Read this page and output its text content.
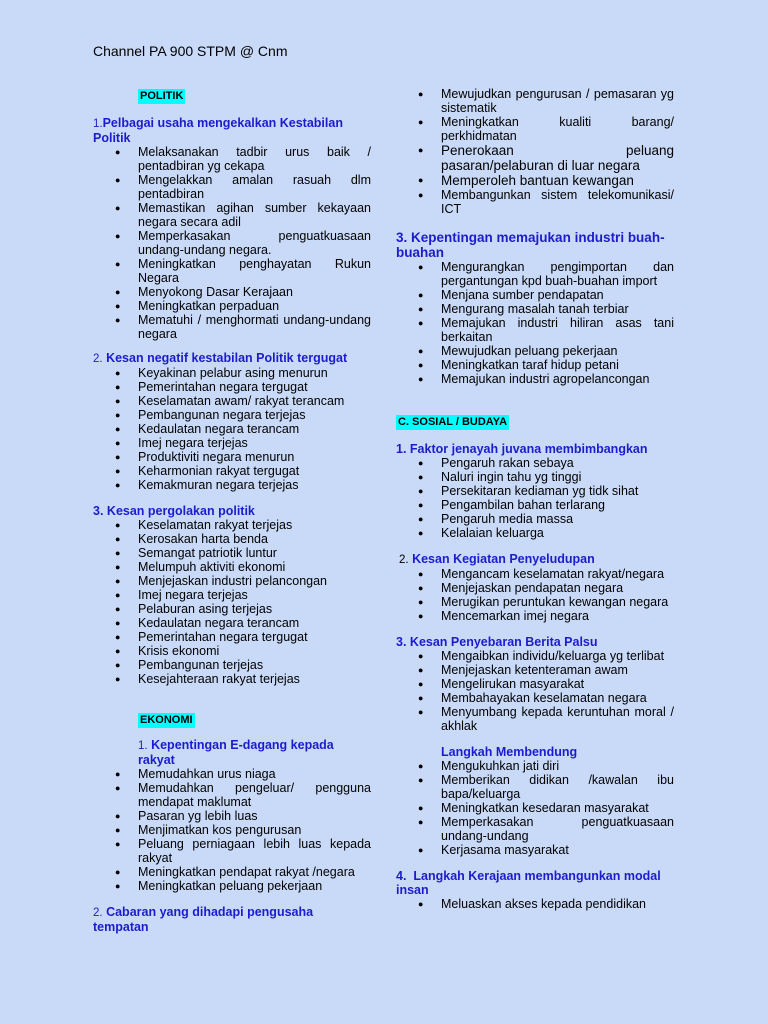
Channel PA 900 STPM @ Cnm
POLITIK
1.Pelbagai usaha mengekalkan Kestabilan Politik
● Melaksanakan tadbir urus baik / pentadbiran yg cekapa
● Mengelakkan amalan rasuah dlm pentadbiran
● Memastikan agihan sumber kekayaan negara secara adil
● Memperkasakan penguatkuasaan undang-undang negara.
● Meningkatkan penghayatan Rukun Negara
● Menyokong Dasar Kerajaan
● Meningkatkan perpaduan
● Mematuhi / menghormati undang-undang negara
2. Kesan negatif kestabilan Politik tergugat
● Keyakinan pelabur asing menurun
● Pemerintahan negara tergugat
● Keselamatan awam/ rakyat terancam
● Pembangunan negara terjejas
● Kedaulatan negara terancam
● Imej negara terjejas
● Produktiviti negara menurun
● Keharmonian rakyat tergugat
● Kemakmuran negara terjejas
3. Kesan pergolakan politik
● Keselamatan rakyat terjejas
● Kerosakan harta benda
● Semangat patriotik luntur
● Melumpuh aktiviti ekonomi
● Menjejaskan industri pelancongan
● Imej negara terjejas
● Pelaburan asing terjejas
● Kedaulatan negara terancam
● Pemerintahan negara tergugat
● Krisis ekonomi
● Pembangunan terjejas
● Kesejahteraan rakyat terjejas
EKONOMI
1. Kepentingan E-dagang kepada rakyat
● Memudahkan urus niaga
● Memudahkan pengeluar/ pengguna mendapat maklumat
● Pasaran yg lebih luas
● Menjimatkan kos pengurusan
● Peluang perniagaan lebih luas kepada rakyat
● Meningkatkan pendapat rakyat /negara
● Meningkatkan peluang pekerjaan
2. Cabaran yang dihadapi pengusaha tempatan
● Mewujudkan pengurusan / pemasaran yg sistematik
● Meningkatkan kualiti barang/ perkhidmatan
● Penerokaan peluang pasaran/pelaburan di luar negara
● Memperoleh bantuan kewangan
● Membangunkan sistem telekomunikasi/ ICT
3. Kepentingan memajukan industri buah-buahan
● Mengurangkan pengimportan dan pergantungan kpd buah-buahan import
● Menjana sumber pendapatan
● Mengurang masalah tanah terbiar
● Memajukan industri hiliran asas tani berkaitan
● Mewujudkan peluang pekerjaan
● Meningkatkan taraf hidup petani
● Memajukan industri agropelancongan
C. SOSIAL / BUDAYA
1. Faktor jenayah juvana membimbangkan
● Pengaruh rakan sebaya
● Naluri ingin tahu yg tinggi
● Persekitaran kediaman yg tidk sihat
● Pengambilan bahan terlarang
● Pengaruh media massa
● Kelalaian keluarga
2. Kesan Kegiatan Penyeludupan
● Mengancam keselamatan rakyat/negara
● Menjejaskan pendapatan negara
● Merugikan peruntukan kewangan negara
● Mencemarkan imej negara
3. Kesan Penyebaran Berita Palsu
● Mengaibkan individu/keluarga yg terlibat
● Menjejaskan ketenteraman awam
● Mengelirukan masyarakat
● Membahayakan keselamatan negara
● Menyumbang kepada keruntuhan moral / akhlak
Langkah Membendung
● Mengukuhkan jati diri
● Memberikan didikan /kawalan ibu bapa/keluarga
● Meningkatkan kesedaran masyarakat
● Memperkasakan penguatkuasaan undang-undang
● Kerjasama masyarakat
4. Langkah Kerajaan membangunkan modal insan
● Meluaskan akses kepada pendidikan
